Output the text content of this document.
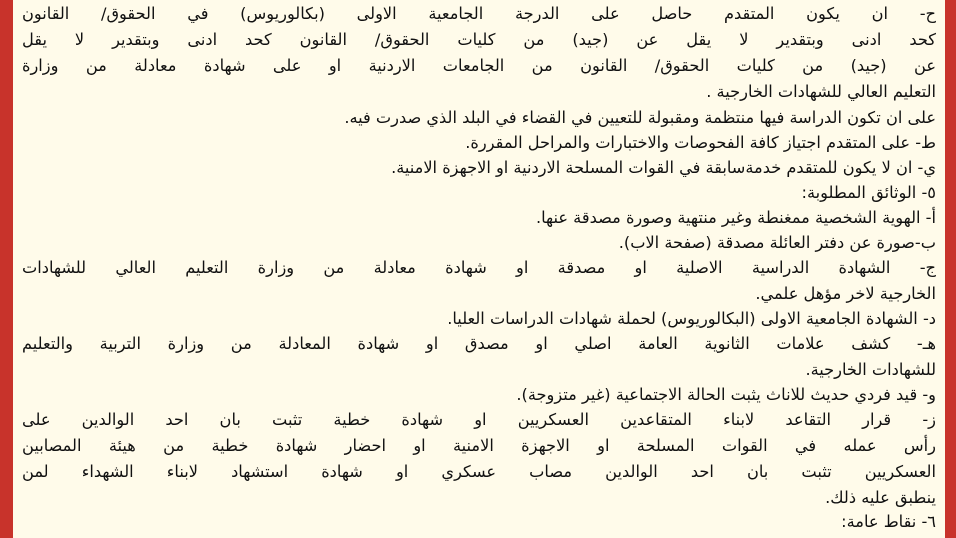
ح- ان يكون المتقدم حاصل على الدرجة الجامعية الاولى (بكالوريوس) في الحقوق/ القانون
كحد ادنى وبتقدير لا يقل عن (جيد) من كليات الحقوق/ القانون كحد ادنى وبتقدير لا يقل
عن (جيد) من كليات الحقوق/ القانون من الجامعات الاردنية او على شهادة معادلة من وزارة
التعليم العالي للشهادات الخارجية .
على ان تكون الدراسة فيها منتظمة ومقبولة للتعيين في القضاء في البلد الذي صدرت فيه.
ط- على المتقدم اجتياز كافة الفحوصات والاختبارات والمراحل المقررة.
ي- ان لا يكون للمتقدم خدمةسابقة في القوات المسلحة الاردنية او الاجهزة الامنية.
٥- الوثائق المطلوبة:
أ- الهوية الشخصية ممغنطة وغير منتهية وصورة مصدقة عنها.
ب-صورة عن دفتر العائلة مصدقة (صفحة الاب).
ج- الشهادة الدراسية الاصلية او مصدقة او شهادة معادلة من وزارة التعليم العالي للشهادات
الخارجية لاخر مؤهل علمي.
د- الشهادة الجامعية الاولى (البكالوريوس) لحملة شهادات الدراسات العليا.
هـ- كشف علامات الثانوية العامة اصلي او مصدق او شهادة المعادلة من وزارة التربية والتعليم
للشهادات الخارجية.
و- قيد فردي حديث للاناث يثبت الحالة الاجتماعية (غير متزوجة).
ز- قرار التقاعد لابناء المتقاعدين العسكريين او شهادة خطية تثبت بان احد الوالدين على
رأس عمله في القوات المسلحة او الاجهزة الامنية او احضار شهادة خطية من هيئة المصابين
العسكريين تثبت بان احد الوالدين مصاب عسكري او شهادة استشهاد لابناء الشهداء لمن
ينطبق عليه ذلك.
٦- نقاط عامة:
